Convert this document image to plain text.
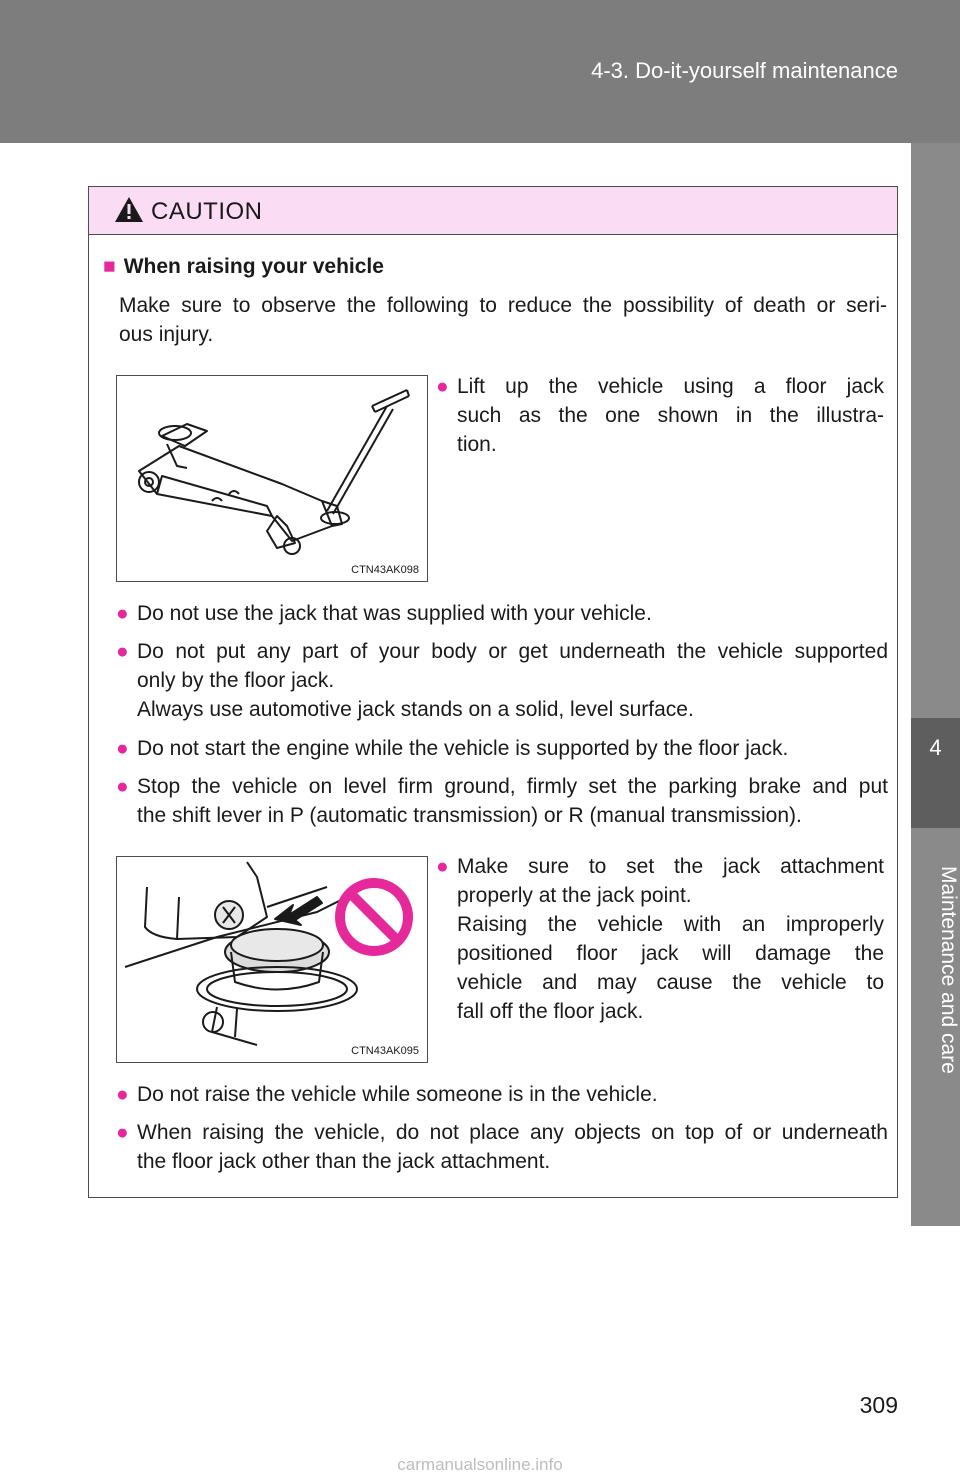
4-3. Do-it-yourself maintenance
4
Maintenance and care
CAUTION
■ When raising your vehicle
Make sure to observe the following to reduce the possibility of death or seri-
ous injury.
CTN43AK098
● Lift up the vehicle using a floor jack
such as the one shown in the illustra-
tion.
● Do not use the jack that was supplied with your vehicle.
● Do not put any part of your body or get underneath the vehicle supported
only by the floor jack.
Always use automotive jack stands on a solid, level surface.
● Do not start the engine while the vehicle is supported by the floor jack.
● Stop the vehicle on level firm ground, firmly set the parking brake and put
the shift lever in P (automatic transmission) or R (manual transmission).
CTN43AK095
● Make sure to set the jack attachment
properly at the jack point.
Raising the vehicle with an improperly
positioned floor jack will damage the
vehicle and may cause the vehicle to
fall off the floor jack.
● Do not raise the vehicle while someone is in the vehicle.
● When raising the vehicle, do not place any objects on top of or underneath
the floor jack other than the jack attachment.
309
carmanualsonline.info
